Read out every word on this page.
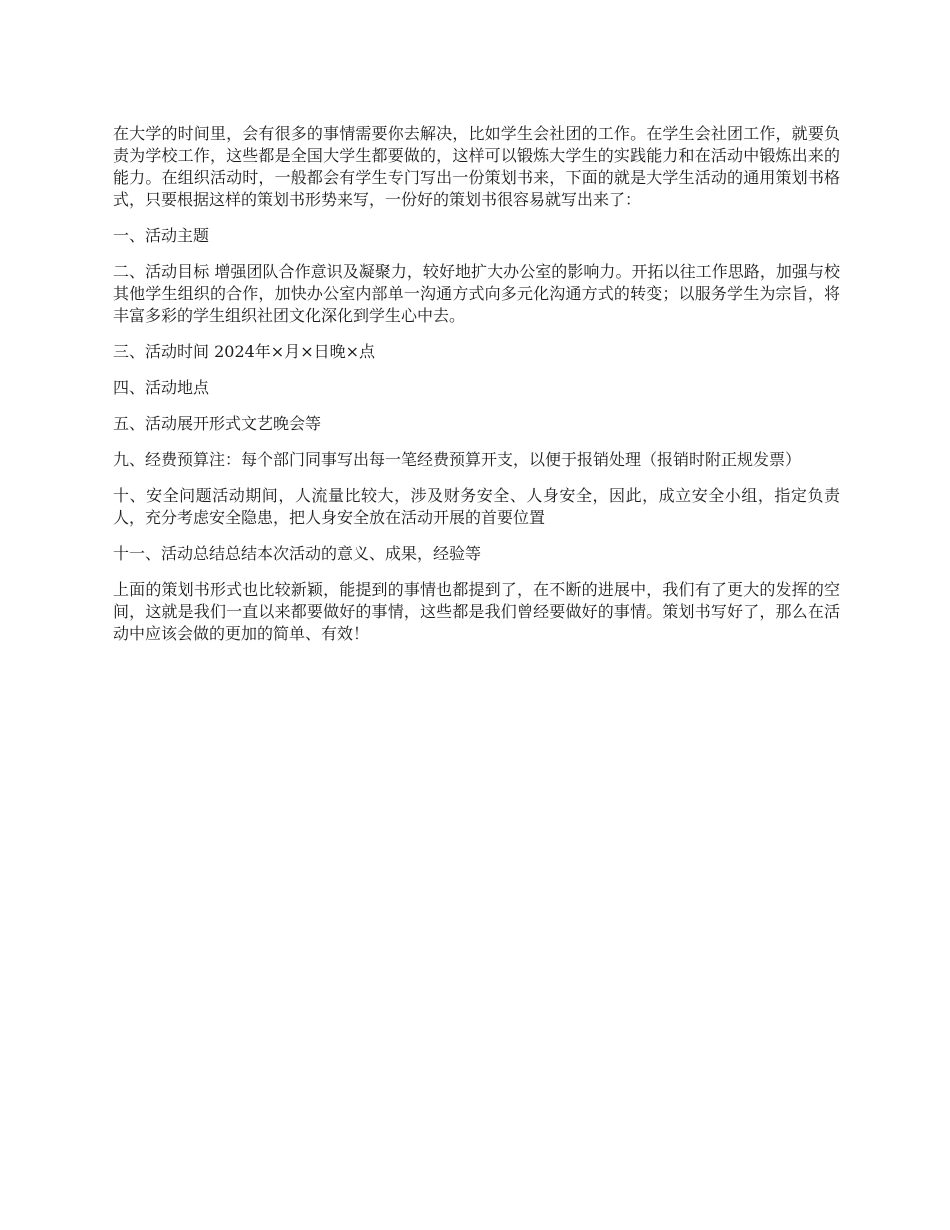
在大学的时间里，会有很多的事情需要你去解决，比如学生会社团的工作。在学生会社团工作，就要负责为学校工作，这些都是全国大学生都要做的，这样可以锻炼大学生的实践能力和在活动中锻炼出来的能力。在组织活动时，一般都会有学生专门写出一份策划书来，下面的就是大学生活动的通用策划书格式，只要根据这样的策划书形势来写，一份好的策划书很容易就写出来了：

一、活动主题

二、活动目标 增强团队合作意识及凝聚力，较好地扩大办公室的影响力。开拓以往工作思路，加强与校其他学生组织的合作，加快办公室内部单一沟通方式向多元化沟通方式的转变；以服务学生为宗旨，将丰富多彩的学生组织社团文化深化到学生心中去。

三、活动时间 2024年×月×日晚×点

四、活动地点

五、活动展开形式文艺晚会等

九、经费预算注：每个部门同事写出每一笔经费预算开支，以便于报销处理（报销时附正规发票）

十、安全问题活动期间，人流量比较大，涉及财务安全、人身安全，因此，成立安全小组，指定负责人，充分考虑安全隐患，把人身安全放在活动开展的首要位置

十一、活动总结总结本次活动的意义、成果，经验等

上面的策划书形式也比较新颖，能提到的事情也都提到了，在不断的进展中，我们有了更大的发挥的空间，这就是我们一直以来都要做好的事情，这些都是我们曾经要做好的事情。策划书写好了，那么在活动中应该会做的更加的简单、有效！
